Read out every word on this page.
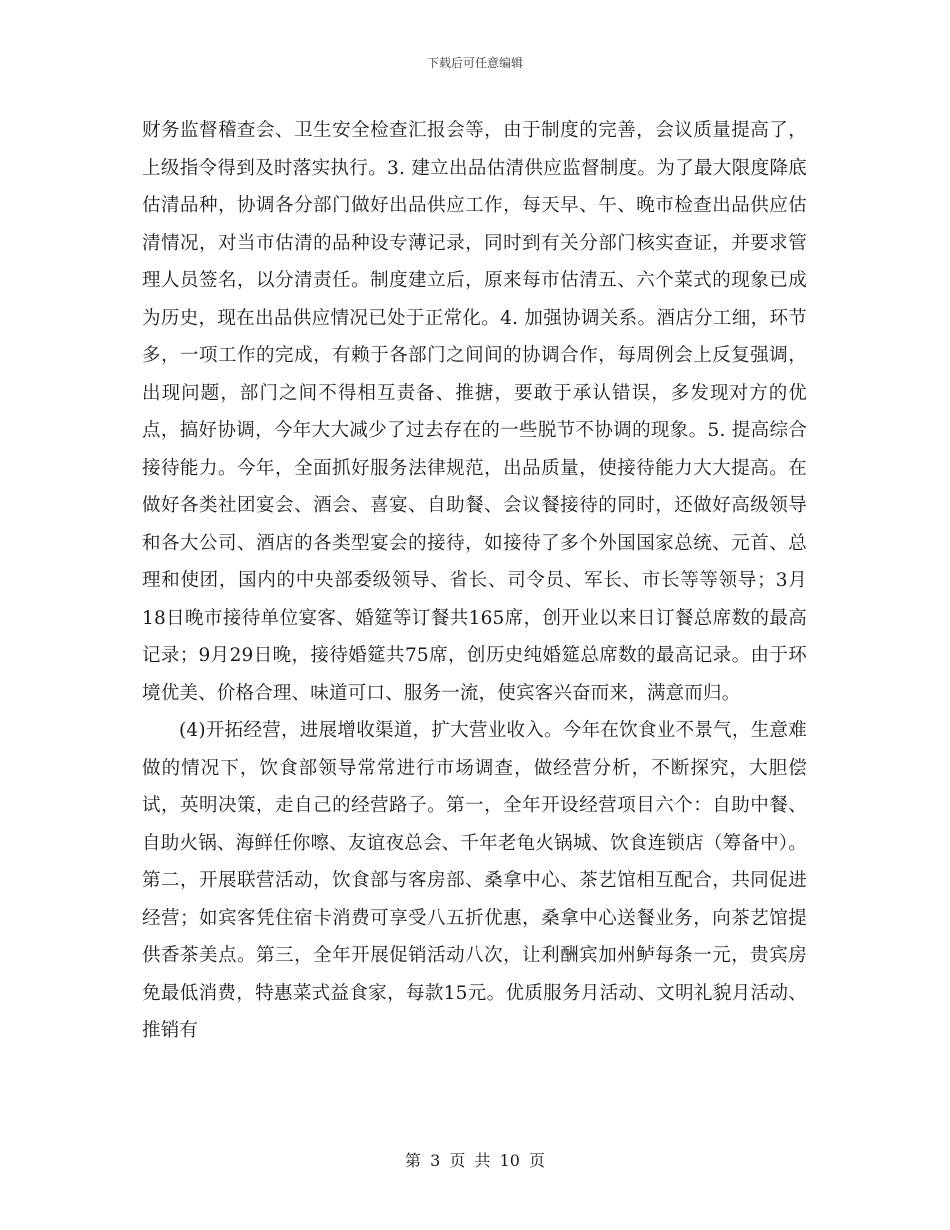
下载后可任意编辑

财务监督稽查会、卫生安全检查汇报会等，由于制度的完善，会议质量提高了，上级指令得到及时落实执行。3. 建立出品估清供应监督制度。为了最大限度降底估清品种，协调各分部门做好出品供应工作，每天早、午、晚市检查出品供应估清情况，对当市估清的品种设专薄记录，同时到有关分部门核实查证，并要求管理人员签名，以分清责任。制度建立后，原来每市估清五、六个菜式的现象已成为历史，现在出品供应情况已处于正常化。4. 加强协调关系。酒店分工细，环节多，一项工作的完成，有赖于各部门之间间的协调合作，每周例会上反复强调，出现问题，部门之间不得相互责备、推搪，要敢于承认错误，多发现对方的优点，搞好协调，今年大大减少了过去存在的一些脱节不协调的现象。5. 提高综合接待能力。今年，全面抓好服务法律规范，出品质量，使接待能力大大提高。在做好各类社团宴会、酒会、喜宴、自助餐、会议餐接待的同时，还做好高级领导和各大公司、酒店的各类型宴会的接待，如接待了多个外国国家总统、元首、总理和使团，国内的中央部委级领导、省长、司令员、军长、市长等等领导；3月18日晚市接待单位宴客、婚筵等订餐共165席，创开业以来日订餐总席数的最高记录；9月29日晚，接待婚筵共75席，创历史纯婚筵总席数的最高记录。由于环境优美、价格合理、味道可口、服务一流，使宾客兴奋而来，满意而归。

(4)开拓经营，进展增收渠道，扩大营业收入。今年在饮食业不景气，生意难做的情况下，饮食部领导常常进行市场调查，做经营分析，不断探究，大胆偿试，英明决策，走自己的经营路子。第一，全年开设经营项目六个：自助中餐、自助火锅、海鲜任你嚓、友谊夜总会、千年老龟火锅城、饮食连锁店（筹备中）。第二，开展联营活动，饮食部与客房部、桑拿中心、茶艺馆相互配合，共同促进经营；如宾客凭住宿卡消费可享受八五折优惠，桑拿中心送餐业务，向茶艺馆提供香茶美点。第三，全年开展促销活动八次，让利酬宾加州鲈每条一元，贵宾房免最低消费，特惠菜式益食家，每款15元。优质服务月活动、文明礼貌月活动、推销有

第 3 页 共 10 页
